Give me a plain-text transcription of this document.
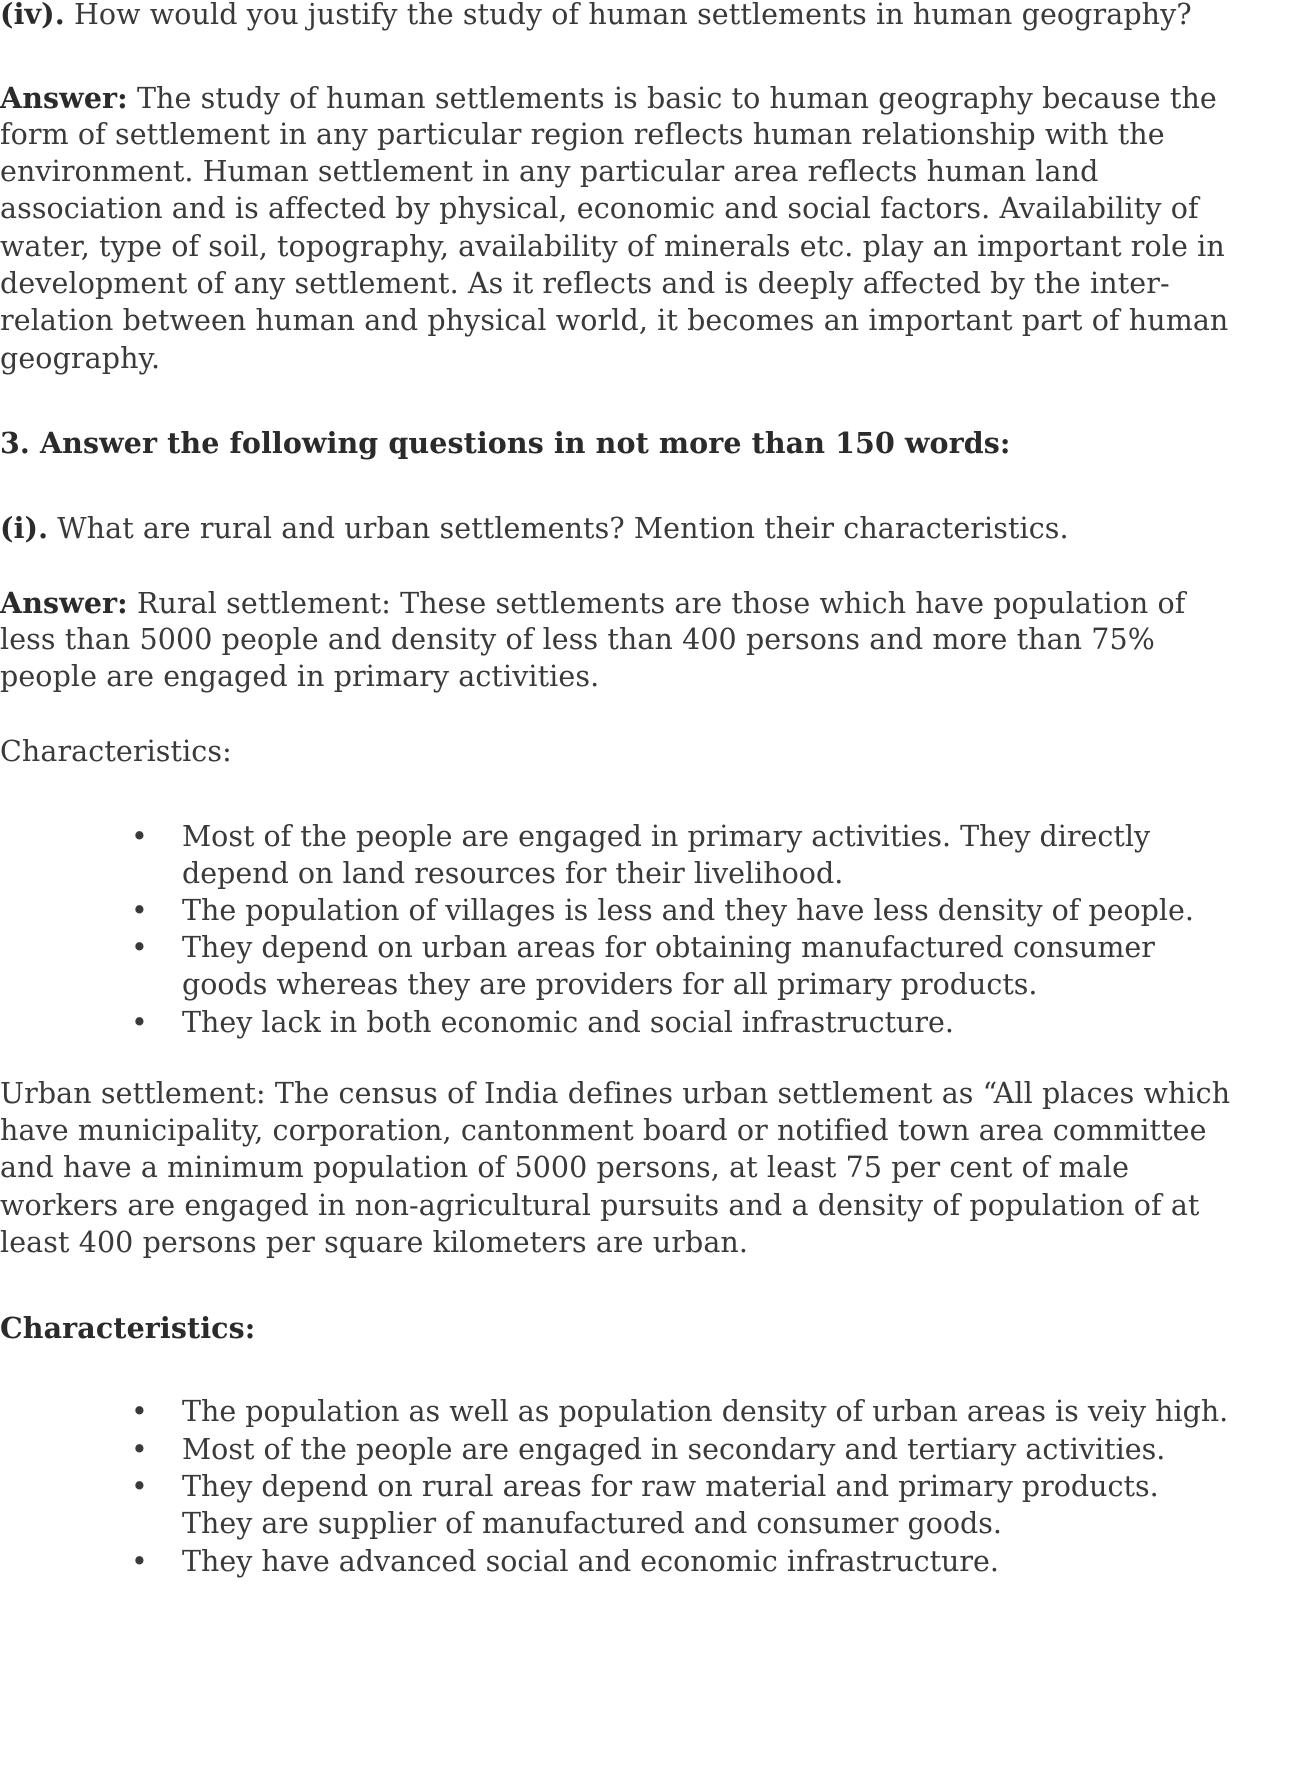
(iv). How would you justify the study of human settlements in human geography?
Answer: The study of human settlements is basic to human geography because the
form of settlement in any particular region reflects human relationship with the
environment. Human settlement in any particular area reflects human land
association and is affected by physical, economic and social factors. Availability of
water, type of soil, topography, availability of minerals etc. play an important role in
development of any settlement. As it reflects and is deeply affected by the inter-
relation between human and physical world, it becomes an important part of human
geography.
3. Answer the following questions in not more than 150 words:
(i). What are rural and urban settlements? Mention their characteristics.
Answer: Rural settlement: These settlements are those which have population of
less than 5000 people and density of less than 400 persons and more than 75%
people are engaged in primary activities.
Characteristics:
• Most of the people are engaged in primary activities. They directly
depend on land resources for their livelihood.
• The population of villages is less and they have less density of people.
• They depend on urban areas for obtaining manufactured consumer
goods whereas they are providers for all primary products.
• They lack in both economic and social infrastructure.
Urban settlement: The census of India defines urban settlement as “All places which
have municipality, corporation, cantonment board or notified town area committee
and have a minimum population of 5000 persons, at least 75 per cent of male
workers are engaged in non-agricultural pursuits and a density of population of at
least 400 persons per square kilometers are urban.
Characteristics:
• The population as well as population density of urban areas is veiy high.
• Most of the people are engaged in secondary and tertiary activities.
• They depend on rural areas for raw material and primary products.
They are supplier of manufactured and consumer goods.
• They have advanced social and economic infrastructure.
